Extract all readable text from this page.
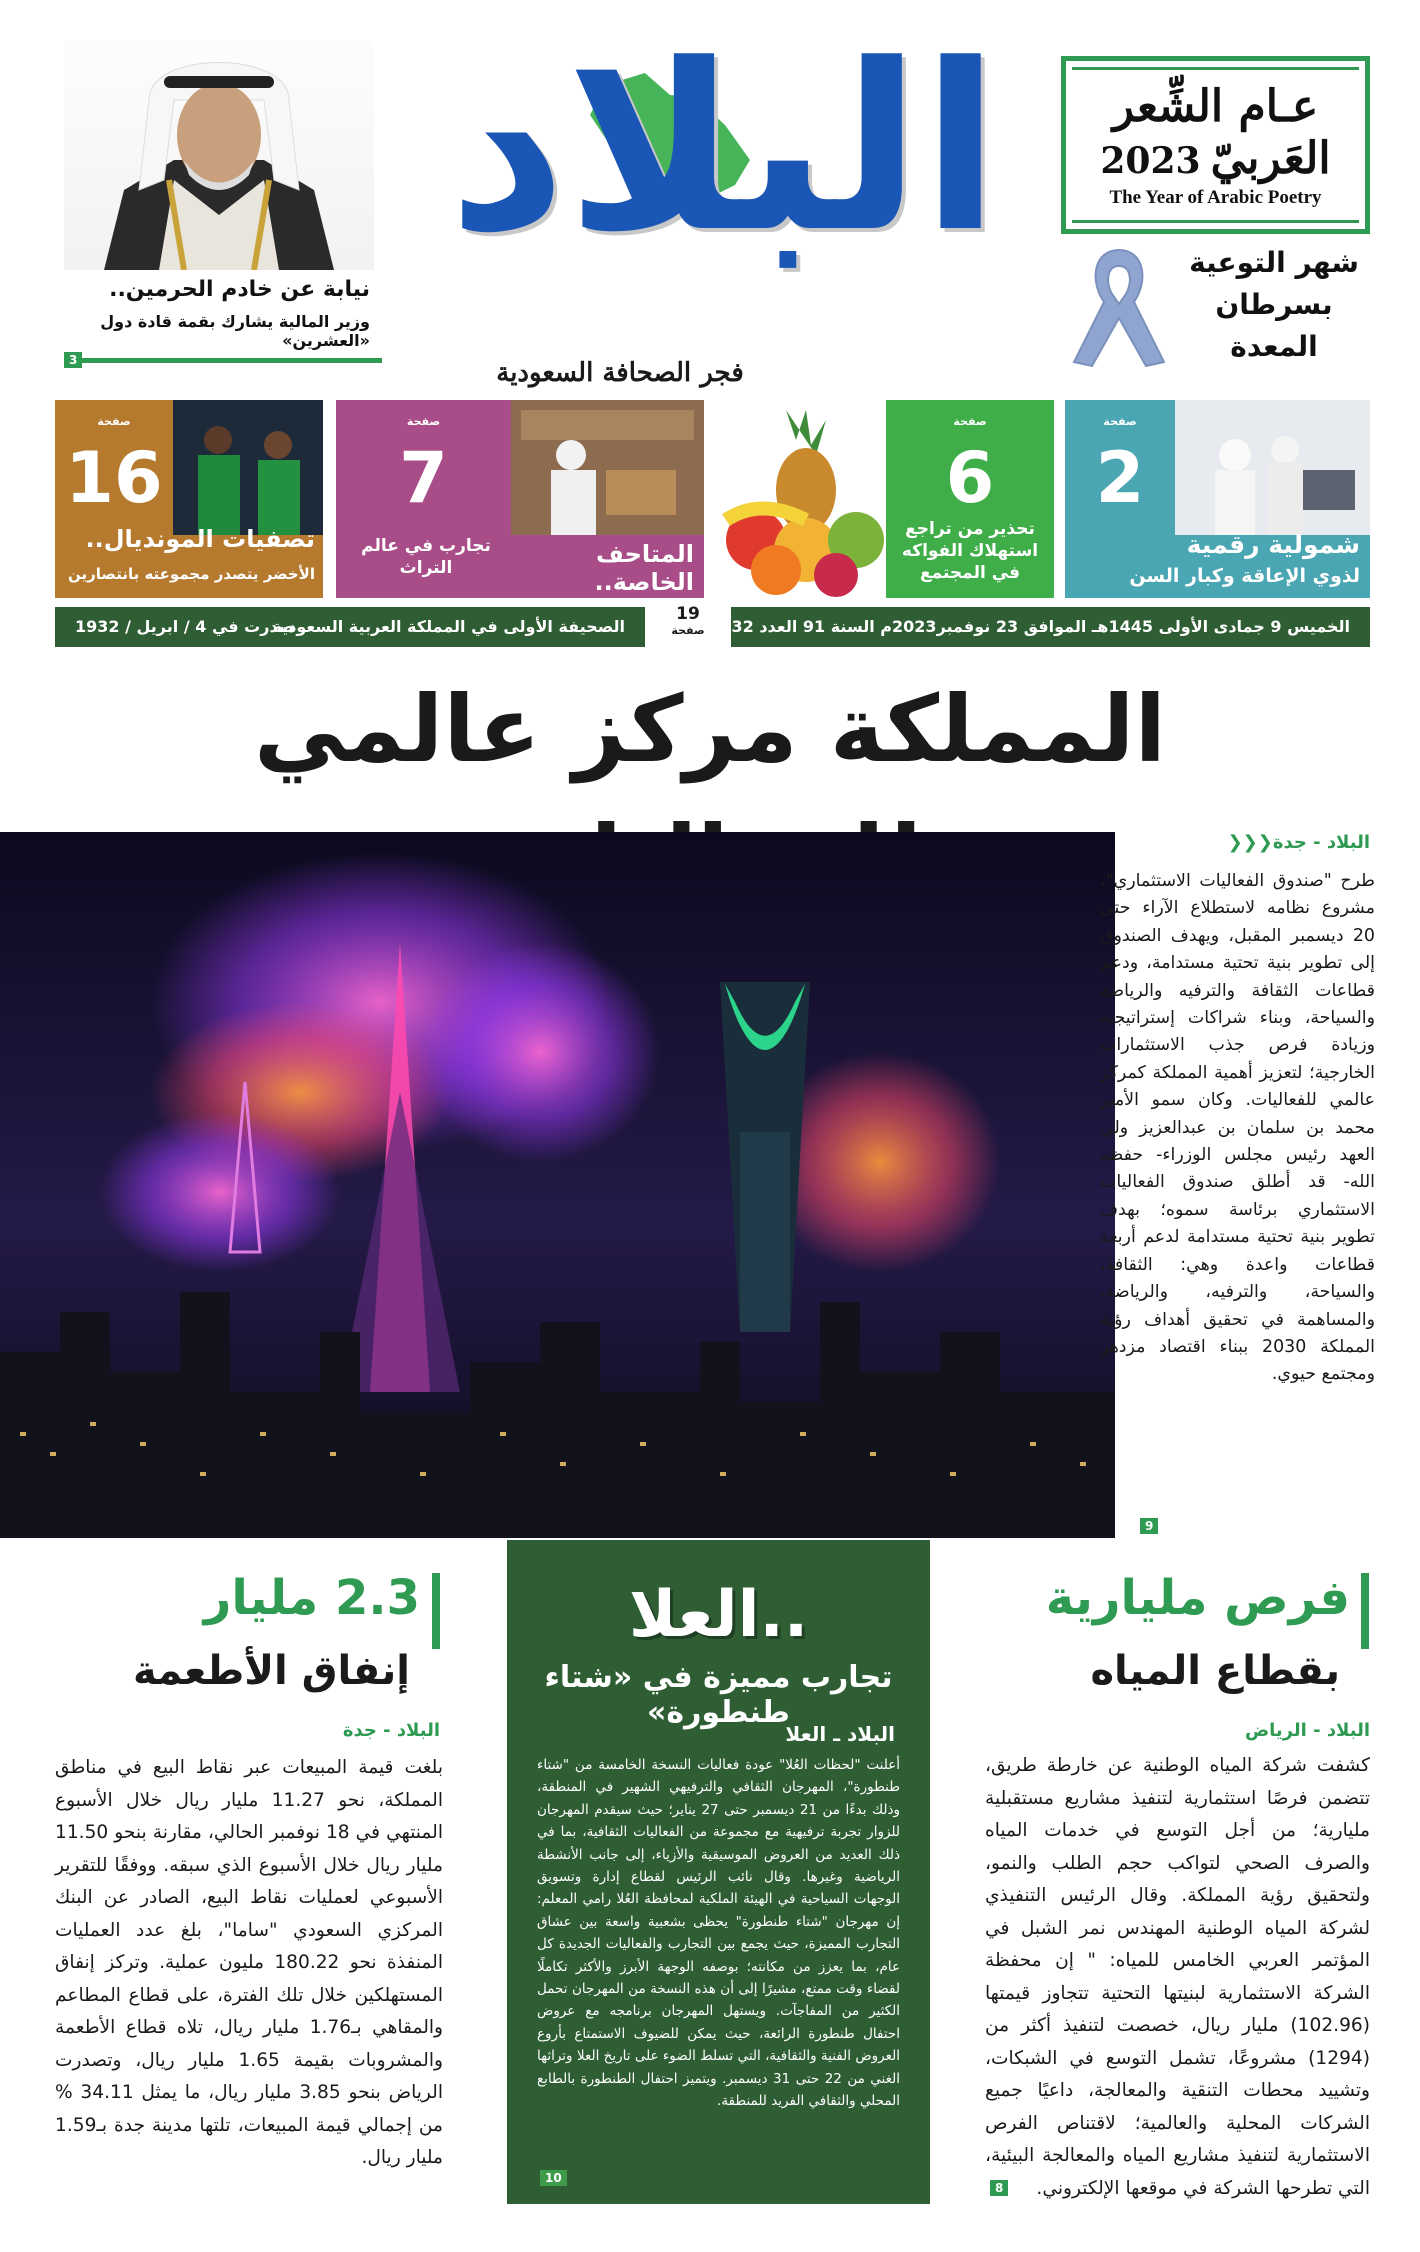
عـام الشِّعر
العَربيّ
2023
The Year of Arabic Poetry
شهر التوعية بسرطان المعدة
البلاد
فجر الصحافة السعودية
نيابة عن خادم الحرمين..
وزير المالية يشارك بقمة قادة دول «العشرين»
3
صفحة
2
شمولية رقمية
لذوي الإعاقة وكبار السن
صفحة
6
تحذير من تراجع استهلاك الفواكه في المجتمع
صفحة
7
المتاحف الخاصة..
تجارب في عالم التراث
صفحة
16
تصفيات المونديال..
الأخضر يتصدر مجموعته بانتصارين
الخميس 9 جمادى الأولى 1445هـ الموافق 23 نوفمبر2023م السنة 91 العدد 24032
19
صفحة
الصحيفة الأولى في المملكة العربية السعودية
صدرت في 4 / ابريل / 1932
المملكة مركز عالمي
البلاد - جدة❮❮❮
طرح "صندوق الفعاليات الاستثماري"، مشروع نظامه لاستطلاع الآراء حتى 20 ديسمبر المقبل، ويهدف الصندوق إلى تطوير بنية تحتية مستدامة، ودعم قطاعات الثقافة والترفيه والرياضة والسياحة، وبناء شراكات إستراتيجية وزيادة فرص جذب الاستثمارات الخارجية؛ لتعزيز أهمية المملكة كمركز عالمي للفعاليات. وكان سمو الأمير محمد بن سلمان بن عبدالعزيز ولي العهد رئيس مجلس الوزراء- حفظه الله- قد أطلق صندوق الفعاليات الاستثماري برئاسة سموه؛ بهدف تطوير بنية تحتية مستدامة لدعم أربعة قطاعات واعدة وهي: الثقافة، والسياحة، والترفيه، والرياضة، والمساهمة في تحقيق أهداف رؤية المملكة 2030 ببناء اقتصاد مزدهر ومجتمع حيوي.
9
فرص مليارية
بقطاع المياه
البلاد - الرياض
كشفت شركة المياه الوطنية عن خارطة طريق، تتضمن فرصًا استثمارية لتنفيذ مشاريع مستقبلية مليارية؛ من أجل التوسع في خدمات المياه والصرف الصحي لتواكب حجم الطلب والنمو، ولتحقيق رؤية المملكة. وقال الرئيس التنفيذي لشركة المياه الوطنية المهندس نمر الشبل في المؤتمر العربي الخامس للمياه: " إن محفظة الشركة الاستثمارية لبنيتها التحتية تتجاوز قيمتها (102.96) مليار ريال، خصصت لتنفيذ أكثر من (1294) مشروعًا، تشمل التوسع في الشبكات، وتشييد محطات التنقية والمعالجة، داعيًا جميع الشركات المحلية والعالمية؛ لاقتناص الفرص الاستثمارية لتنفيذ مشاريع المياه والمعالجة البيئية، التي تطرحها الشركة في موقعها الإلكتروني.
8
العلا..
تجارب مميزة في «شتاء طنطورة»
البلاد ـ العلا
أعلنت "لحظات العُلا" عودة فعاليات النسخة الخامسة من "شتاء طنطورة"، المهرجان الثقافي والترفيهي الشهير في المنطقة، وذلك بدءًا من 21 ديسمبر حتى 27 يناير؛ حيث سيقدم المهرجان للزوار تجربة ترفيهية مع مجموعة من الفعاليات الثقافية، بما في ذلك العديد من العروض الموسيقية والأزياء، إلى جانب الأنشطة الرياضية وغيرها. وقال نائب الرئيس لقطاع إدارة وتسويق الوجهات السياحية في الهيئة الملكية لمحافظة العُلا رامي المعلم: إن مهرجان "شتاء طنطورة" يحظى بشعبية واسعة بين عشاق التجارب المميزة، حيث يجمع بين التجارب والفعاليات الجديدة كل عام، بما يعزز من مكانته؛ بوصفه الوجهة الأبرز والأكثر تكاملًا لقضاء وقت ممتع، مشيرًا إلى أن هذه النسخة من المهرجان تحمل الكثير من المفاجآت. ويستهل المهرجان برنامجه مع عروض احتفال طنطورة الرائعة، حيث يمكن للضيوف الاستمتاع بأروع العروض الفنية والثقافية، التي تسلط الضوء على تاريخ العلا وتراثها الغني من 22 حتى 31 ديسمبر. ويتميز احتفال الطنطورة بالطابع المحلي والثقافي الفريد للمنطقة.
10
2.3 مليار
إنفاق الأطعمة
البلاد - جدة
بلغت قيمة المبيعات عبر نقاط البيع في مناطق المملكة، نحو 11.27 مليار ريال خلال الأسبوع المنتهي في 18 نوفمبر الحالي، مقارنة بنحو 11.50 مليار ريال خلال الأسبوع الذي سبقه. ووفقًا للتقرير الأسبوعي لعمليات نقاط البيع، الصادر عن البنك المركزي السعودي "ساما"، بلغ عدد العمليات المنفذة نحو 180.22 مليون عملية. وتركز إنفاق المستهلكين خلال تلك الفترة، على قطاع المطاعم والمقاهي بـ1.76 مليار ريال، تلاه قطاع الأطعمة والمشروبات بقيمة 1.65 مليار ريال، وتصدرت الرياض بنحو 3.85 مليار ريال، ما يمثل 34.11 % من إجمالي قيمة المبيعات، تلتها مدينة جدة بـ1.59 مليار ريال.
